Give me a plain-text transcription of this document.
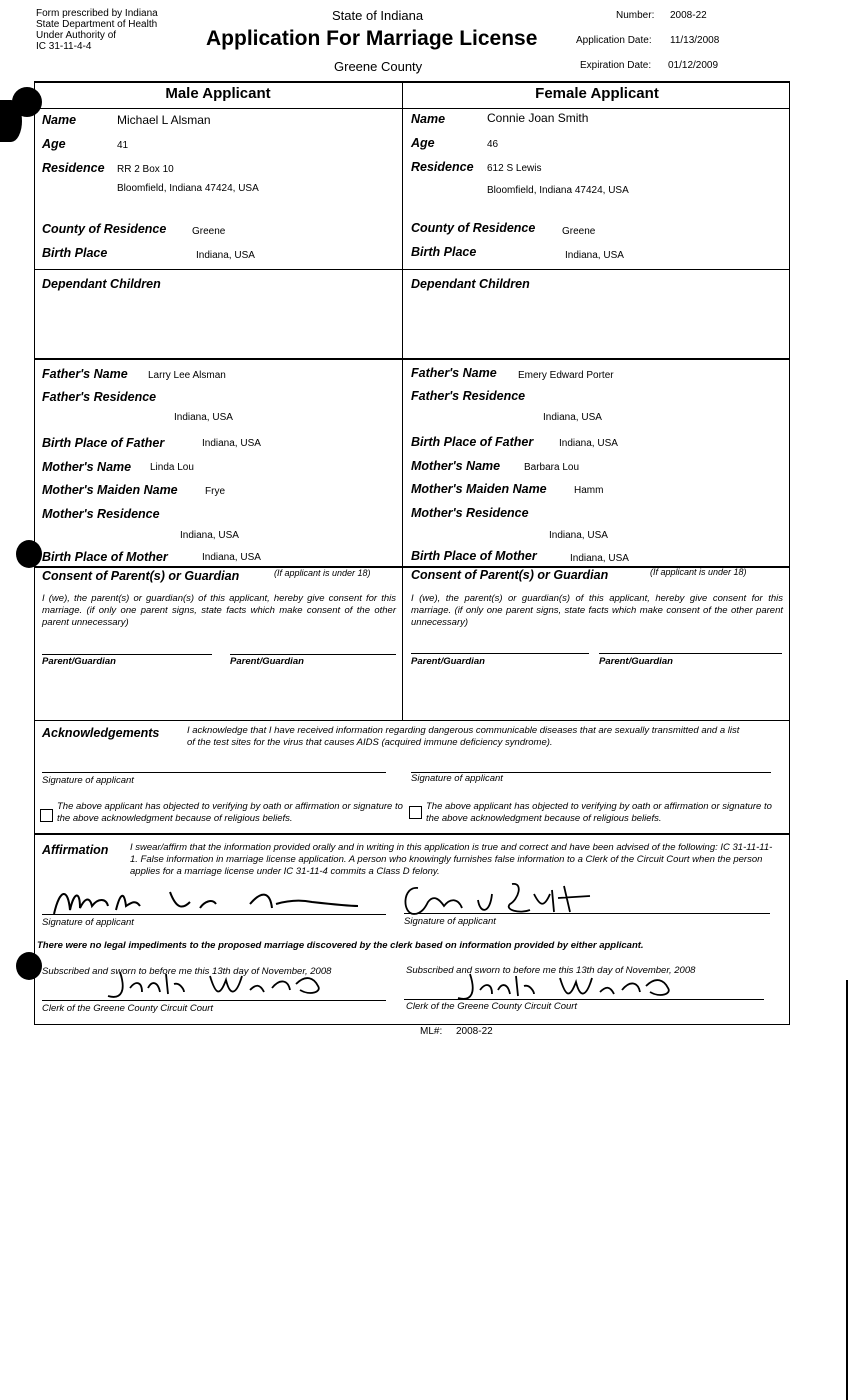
Form prescribed by Indiana
State Department of Health
Under Authority of
IC 31-11-4-4
State of Indiana
Application For Marriage License
Greene County
Number: 2008-22
Application Date: 11/13/2008
Expiration Date: 01/12/2009
Male Applicant	Female Applicant
Name	Michael L Alsman
Age	41
Residence RR 2 Box 10
Bloomfield, Indiana 47424, USA
County of Residence	Greene
Birth Place	Indiana, USA
Name	Connie Joan Smith
Age	46
Residence 612 S Lewis
Bloomfield, Indiana 47424, USA
County of Residence	Greene
Birth Place	Indiana, USA
Dependant Children	Dependant Children
Father's Name Larry Lee Alsman
Father's Residence
Indiana, USA
Birth Place of Father	Indiana, USA
Mother's Name Linda Lou
Mother's Maiden Name	Frye
Mother's Residence
Indiana, USA
Birth Place of Mother	Indiana, USA
Father's Name Emery Edward Porter
Father's Residence
Indiana, USA
Birth Place of Father	Indiana, USA
Mother's Name Barbara Lou
Mother's Maiden Name	Hamm
Mother's Residence
Indiana, USA
Birth Place of Mother	Indiana, USA
Consent of Parent(s) or Guardian	(If applicant is under 18)
I (we), the parent(s) or guardian(s) of this applicant, hereby give consent for this marriage. (if only one parent signs, state facts which make consent of the other parent unnecessary)
Parent/Guardian	Parent/Guardian
Consent of Parent(s) or Guardian	(If applicant is under 18)
I (we), the parent(s) or guardian(s) of this applicant, hereby give consent for this marriage. (if only one parent signs, state facts which make consent of the other parent unnecessary)
Parent/Guardian	Parent/Guardian
Acknowledgements	I acknowledge that I have received information regarding dangerous communicable diseases that are sexually transmitted and a list of the test sites for the virus that causes AIDS (acquired immune deficiency syndrome).
Signature of applicant	Signature of applicant
The above applicant has objected to verifying by oath or affirmation or signature to the above acknowledgment because of religious beliefs.
The above applicant has objected to verifying by oath or affirmation or signature to the above acknowledgment because of religious beliefs.
Affirmation I swear/affirm that the information provided orally and in writing in this application is true and correct and have been advised of the following: IC 31-11-11-1. False information in marriage license application. A person who knowingly furnishes false information to a Clerk of the Circuit Court when the person applies for a marriage license under IC 31-11-4 commits a Class D felony.
Signature of applicant	Signature of applicant
There were no legal impediments to the proposed marriage discovered by the clerk based on information provided by either applicant.
Subscribed and sworn to before me this 13th day of November, 2008	Subscribed and sworn to before me this 13th day of November, 2008
Clerk of the Greene County Circuit Court	Clerk of the Greene County Circuit Court
ML#: 2008-22
